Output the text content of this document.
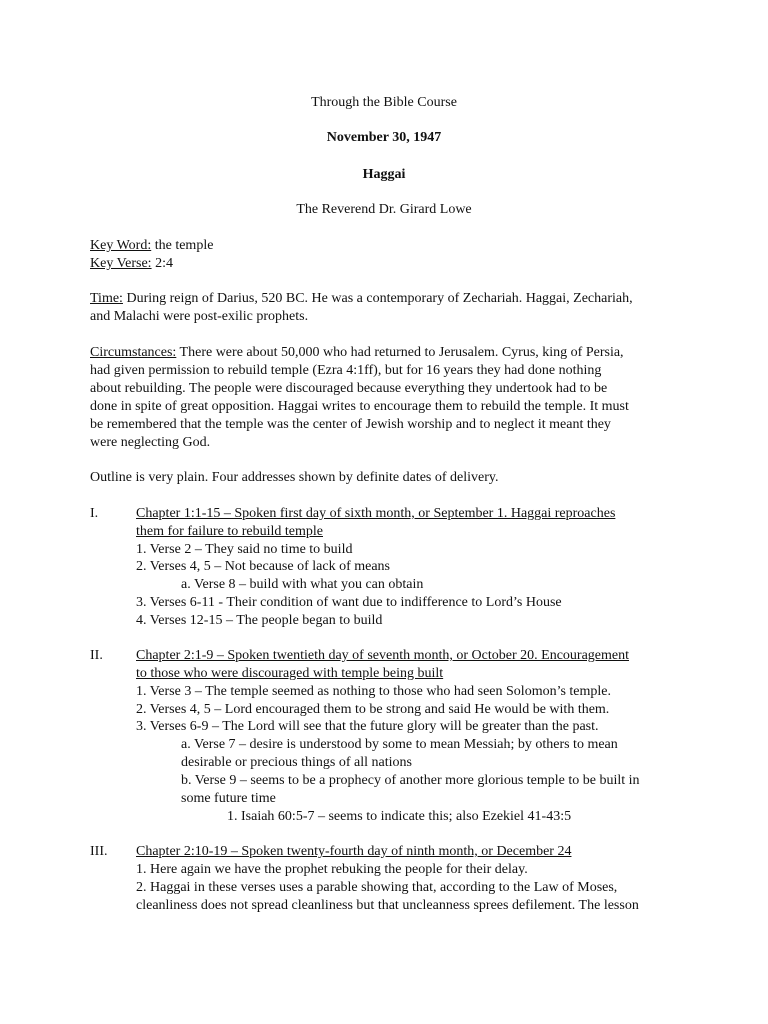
Through the Bible Course
November 30, 1947
Haggai
The Reverend Dr. Girard Lowe
Key Word: the temple
Key Verse: 2:4
Time: During reign of Darius, 520 BC. He was a contemporary of Zechariah. Haggai, Zechariah,
and Malachi were post-exilic prophets.
Circumstances: There were about 50,000 who had returned to Jerusalem. Cyrus, king of Persia,
had given permission to rebuild temple (Ezra 4:1ff), but for 16 years they had done nothing
about rebuilding. The people were discouraged because everything they undertook had to be
done in spite of great opposition. Haggai writes to encourage them to rebuild the temple. It must
be remembered that the temple was the center of Jewish worship and to neglect it meant they
were neglecting God.
Outline is very plain. Four addresses shown by definite dates of delivery.
I.	Chapter 1:1-15 – Spoken first day of sixth month, or September 1. Haggai reproaches
them for failure to rebuild temple
1. Verse 2 – They said no time to build
2. Verses 4, 5 – Not because of lack of means
a. Verse 8 – build with what you can obtain
3. Verses 6-11 - Their condition of want due to indifference to Lord’s House
4. Verses 12-15 – The people began to build
II. Chapter 2:1-9 – Spoken twentieth day of seventh month, or October 20. Encouragement
to those who were discouraged with temple being built
1. Verse 3 – The temple seemed as nothing to those who had seen Solomon’s temple.
2. Verses 4, 5 – Lord encouraged them to be strong and said He would be with them.
3. Verses 6-9 – The Lord will see that the future glory will be greater than the past.
a. Verse 7 – desire is understood by some to mean Messiah; by others to mean
desirable or precious things of all nations
b. Verse 9 – seems to be a prophecy of another more glorious temple to be built in
some future time
1. Isaiah 60:5-7 – seems to indicate this; also Ezekiel 41-43:5
III. Chapter 2:10-19 – Spoken twenty-fourth day of ninth month, or December 24
1. Here again we have the prophet rebuking the people for their delay.
2. Haggai in these verses uses a parable showing that, according to the Law of Moses,
cleanliness does not spread cleanliness but that uncleanness sprees defilement. The lesson
